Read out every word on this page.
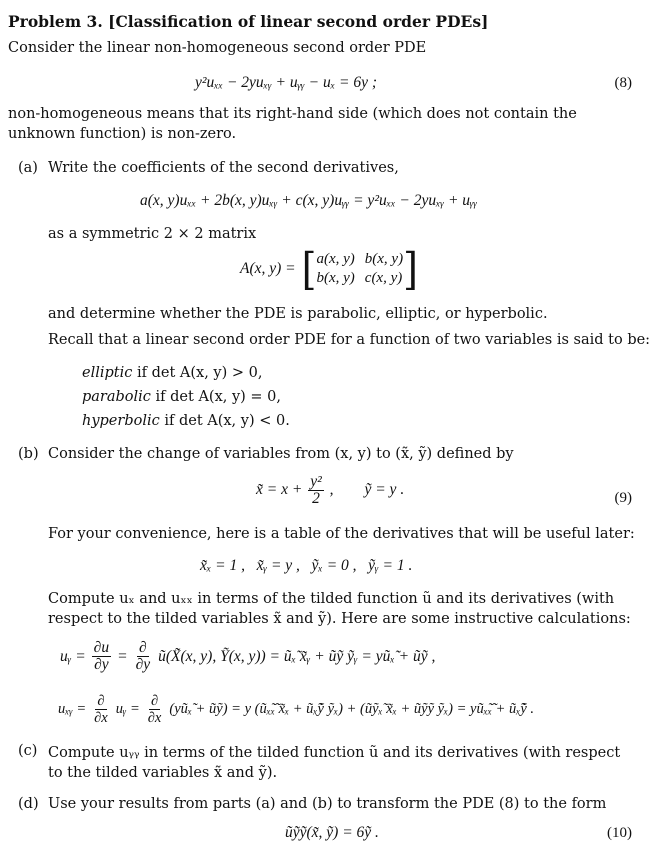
Problem 3. [Classification of linear second order PDEs]
Consider the linear non-homogeneous second order PDE
y²uₓₓ − 2yuₓᵧ + uᵧᵧ − uₓ = 6y ;	(8)
non-homogeneous means that its right-hand side (which does not contain the unknown function) is non-zero.
(a) Write the coefficients of the second derivatives,
a(x, y)uₓₓ + 2b(x, y)uₓᵧ + c(x, y)uᵧᵧ = y²uₓₓ − 2yuₓᵧ + uᵧᵧ
as a symmetric 2 × 2 matrix
A(x, y) = [ a(x, y) b(x, y)
b(x, y) c(x, y) ]
and determine whether the PDE is parabolic, elliptic, or hyperbolic.
Recall that a linear second order PDE for a function of two variables is said to be:
elliptic if det A(x, y) > 0,
parabolic if det A(x, y) = 0,
hyperbolic if det A(x, y) < 0.
(b) Consider the change of variables from (x, y) to (x̃, ỹ) defined by
x̃ = $x + \frac{\text{y²}}{2}$ ,        ỹ = y .	(9)
For your convenience, here is a table of the derivatives that will be useful later:
x̃ₓ = 1 ,   x̃ᵧ = y ,   ỹₓ = 0 ,   ỹᵧ = 1 .
Compute uₓ and uₓₓ in terms of the tilded function ũ and its derivatives (with respect to the tilded variables x̃ and ỹ). Here are some instructive calculations:
uᵧ = $\frac{\partial u}{\partial y} = \frac{\partial}{\partial y}$ ũ(X̃(x, y), Ỹ(x, y)) = ũₓ̃ x̃ᵧ + ũỹ ỹᵧ = yũₓ̃ + ũỹ ,
uₓᵧ = $\frac{\partial}{\partial x}$ uᵧ = $\frac{\partial}{\partial x}$ (yũₓ̃ + ũỹ) = y (ũₓ̃ₓ̃ x̃ₓ + ũₓ̃ỹ ỹₓ) + (ũỹₓ̃ x̃ₓ + ũỹỹ ỹₓ) = yũₓ̃ₓ̃ + ũₓ̃ỹ .
(c) Compute uᵧᵧ in terms of the tilded function ũ and its derivatives (with respect to the tilded variables x̃ and ỹ).
(d) Use your results from parts (a) and (b) to transform the PDE (8) to the form
ũỹỹ(x̃, ỹ) = 6ỹ .	(10)
